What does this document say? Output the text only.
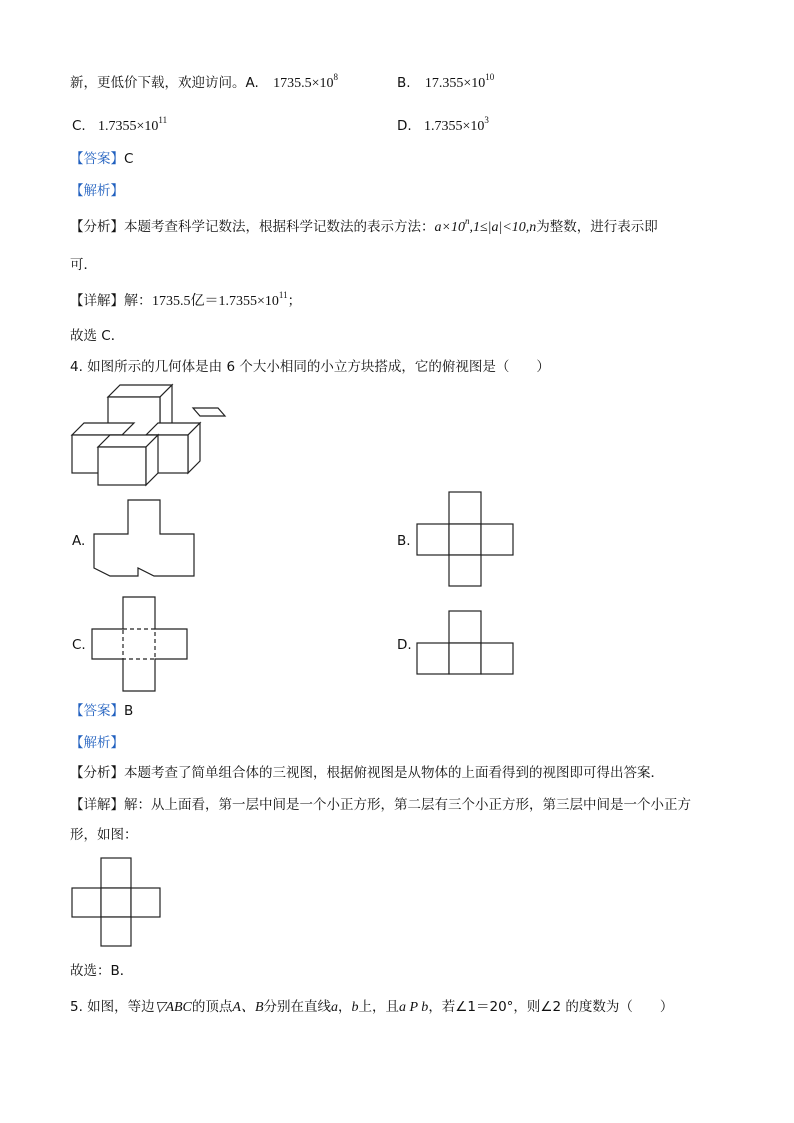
新，更低价下载，欢迎访问。A. $1735.5\times 10^8$	B. $17.355\times 10^{10}$
C. $1.7355\times 10^{11}$	D. $1.7355\times 10^3$
【答案】C
【解析】
【分析】本题考查科学记数法，根据科学记数法的表示方法：$a\times 10^n,1\le|a|<10,n$为整数，进行表示即
可．
【详解】解：1735.5亿$=1.7355\times 10^{11}$；
故选 C．
4. 如图所示的几何体是由 6 个大小相同的小立方块搭成，它的俯视图是（　　）
A.	B.
C.	D.
【答案】B
【解析】
【分析】本题考查了简单组合体的三视图，根据俯视图是从物体的上面看得到的视图即可得出答案．
【详解】解：从上面看，第一层中间是一个小正方形，第二层有三个小正方形，第三层中间是一个小正方
形，如图：
故选：B．
5. 如图，等边▽ABC的顶点A、B分别在直线a，b上，且a P b，若∠1＝20°，则∠2 的度数为（　　）
